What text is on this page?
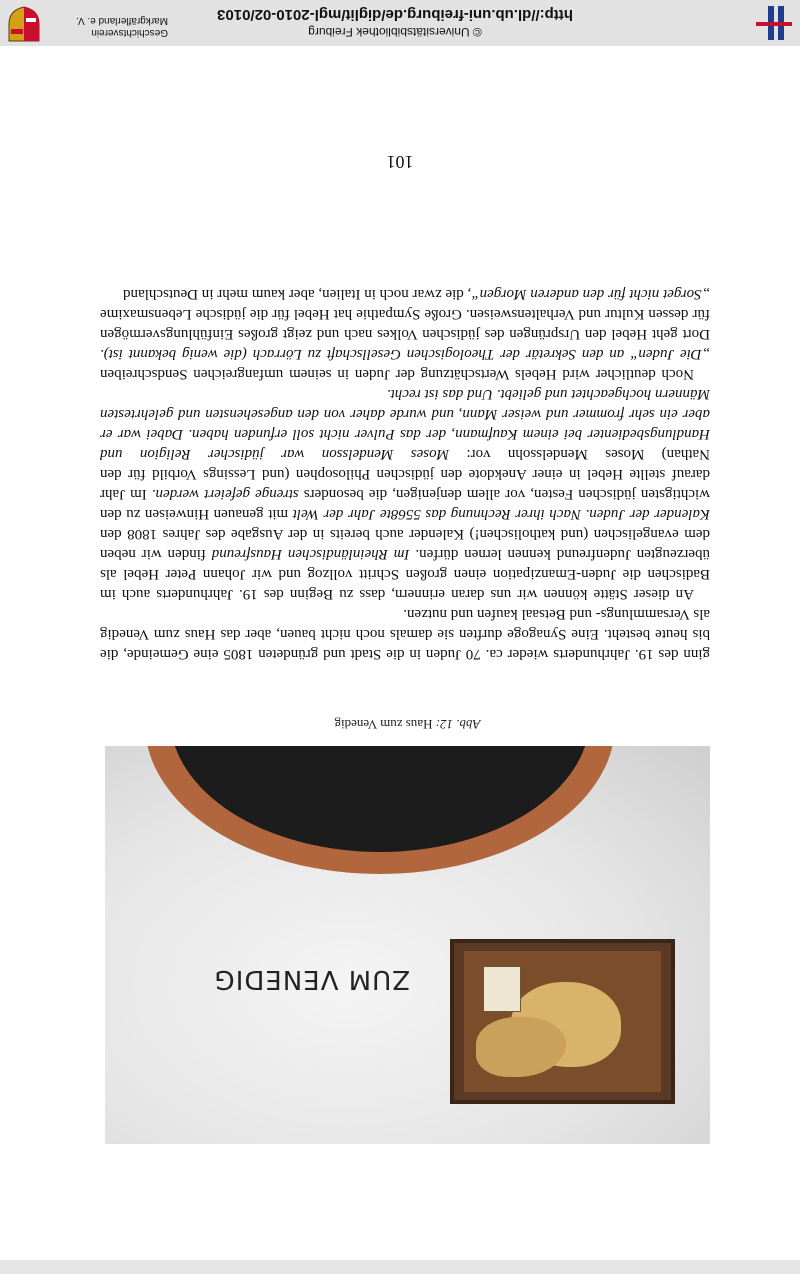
ZUM VENEDIG
Abb. 12: Haus zum Venedig

ginn des 19. Jahrhunderts wieder ca. 70 Juden in die Stadt und gründeten 1805 eine Gemeinde, die bis heute besteht. Eine Synagoge durften sie damals noch nicht bauen, aber das Haus zum Venedig als Versammlungs- und Betsaal kaufen und nutzen.

An dieser Stätte können wir uns daran erinnern, dass zu Beginn des 19. Jahrhunderts auch im Badischen die Juden-Emanzipation einen großen Schritt vollzog und wir Johann Peter Hebel als überzeugten Judenfreund kennen lernen dürfen. Im Rheinländischen Hausfreund finden wir neben dem evangelischen (und katholischen!) Kalender auch bereits in der Ausgabe des Jahres 1808 den Kalender der Juden. Nach ihrer Rechnung das 5568te Jahr der Welt mit genauen Hinweisen zu den wichtigsten jüdischen Festen, vor allem denjenigen, die besonders strenge gefeiert werden. Im Jahr darauf stellte Hebel in einer Anekdote den jüdischen Philosophen (und Lessings Vorbild für den Nathan) Moses Mendelssohn vor: Moses Mendelsson war jüdischer Religion und Handlungsbedienter bei einem Kaufmann, der das Pulver nicht soll erfunden haben. Dabei war er aber ein sehr frommer und weiser Mann, und wurde daher von den angesehensten und gelehrtesten Männern hochgeachtet und geliebt. Und das ist recht.

Noch deutlicher wird Hebels Wertschätzung der Juden in seinem umfangreichen Sendschreiben „Die Juden“ an den Sekretär der Theologischen Gesellschaft zu Lörrach (die wenig bekannt ist). Dort geht Hebel den Ursprüngen des jüdischen Volkes nach und zeigt großes Einfühlungsvermögen für dessen Kultur und Verhaltensweisen. Große Sympathie hat Hebel für die jüdische Lebensmaxime „Sorget nicht für den anderen Morgen“, die zwar noch in Italien, aber kaum mehr in Deutschland

101
© Universitätsbibliothek Freiburg
http://dl.ub.uni-freiburg.de/diglit/mgl-2010-02/0103
Geschichtsverein Markgräflerland e. V.
